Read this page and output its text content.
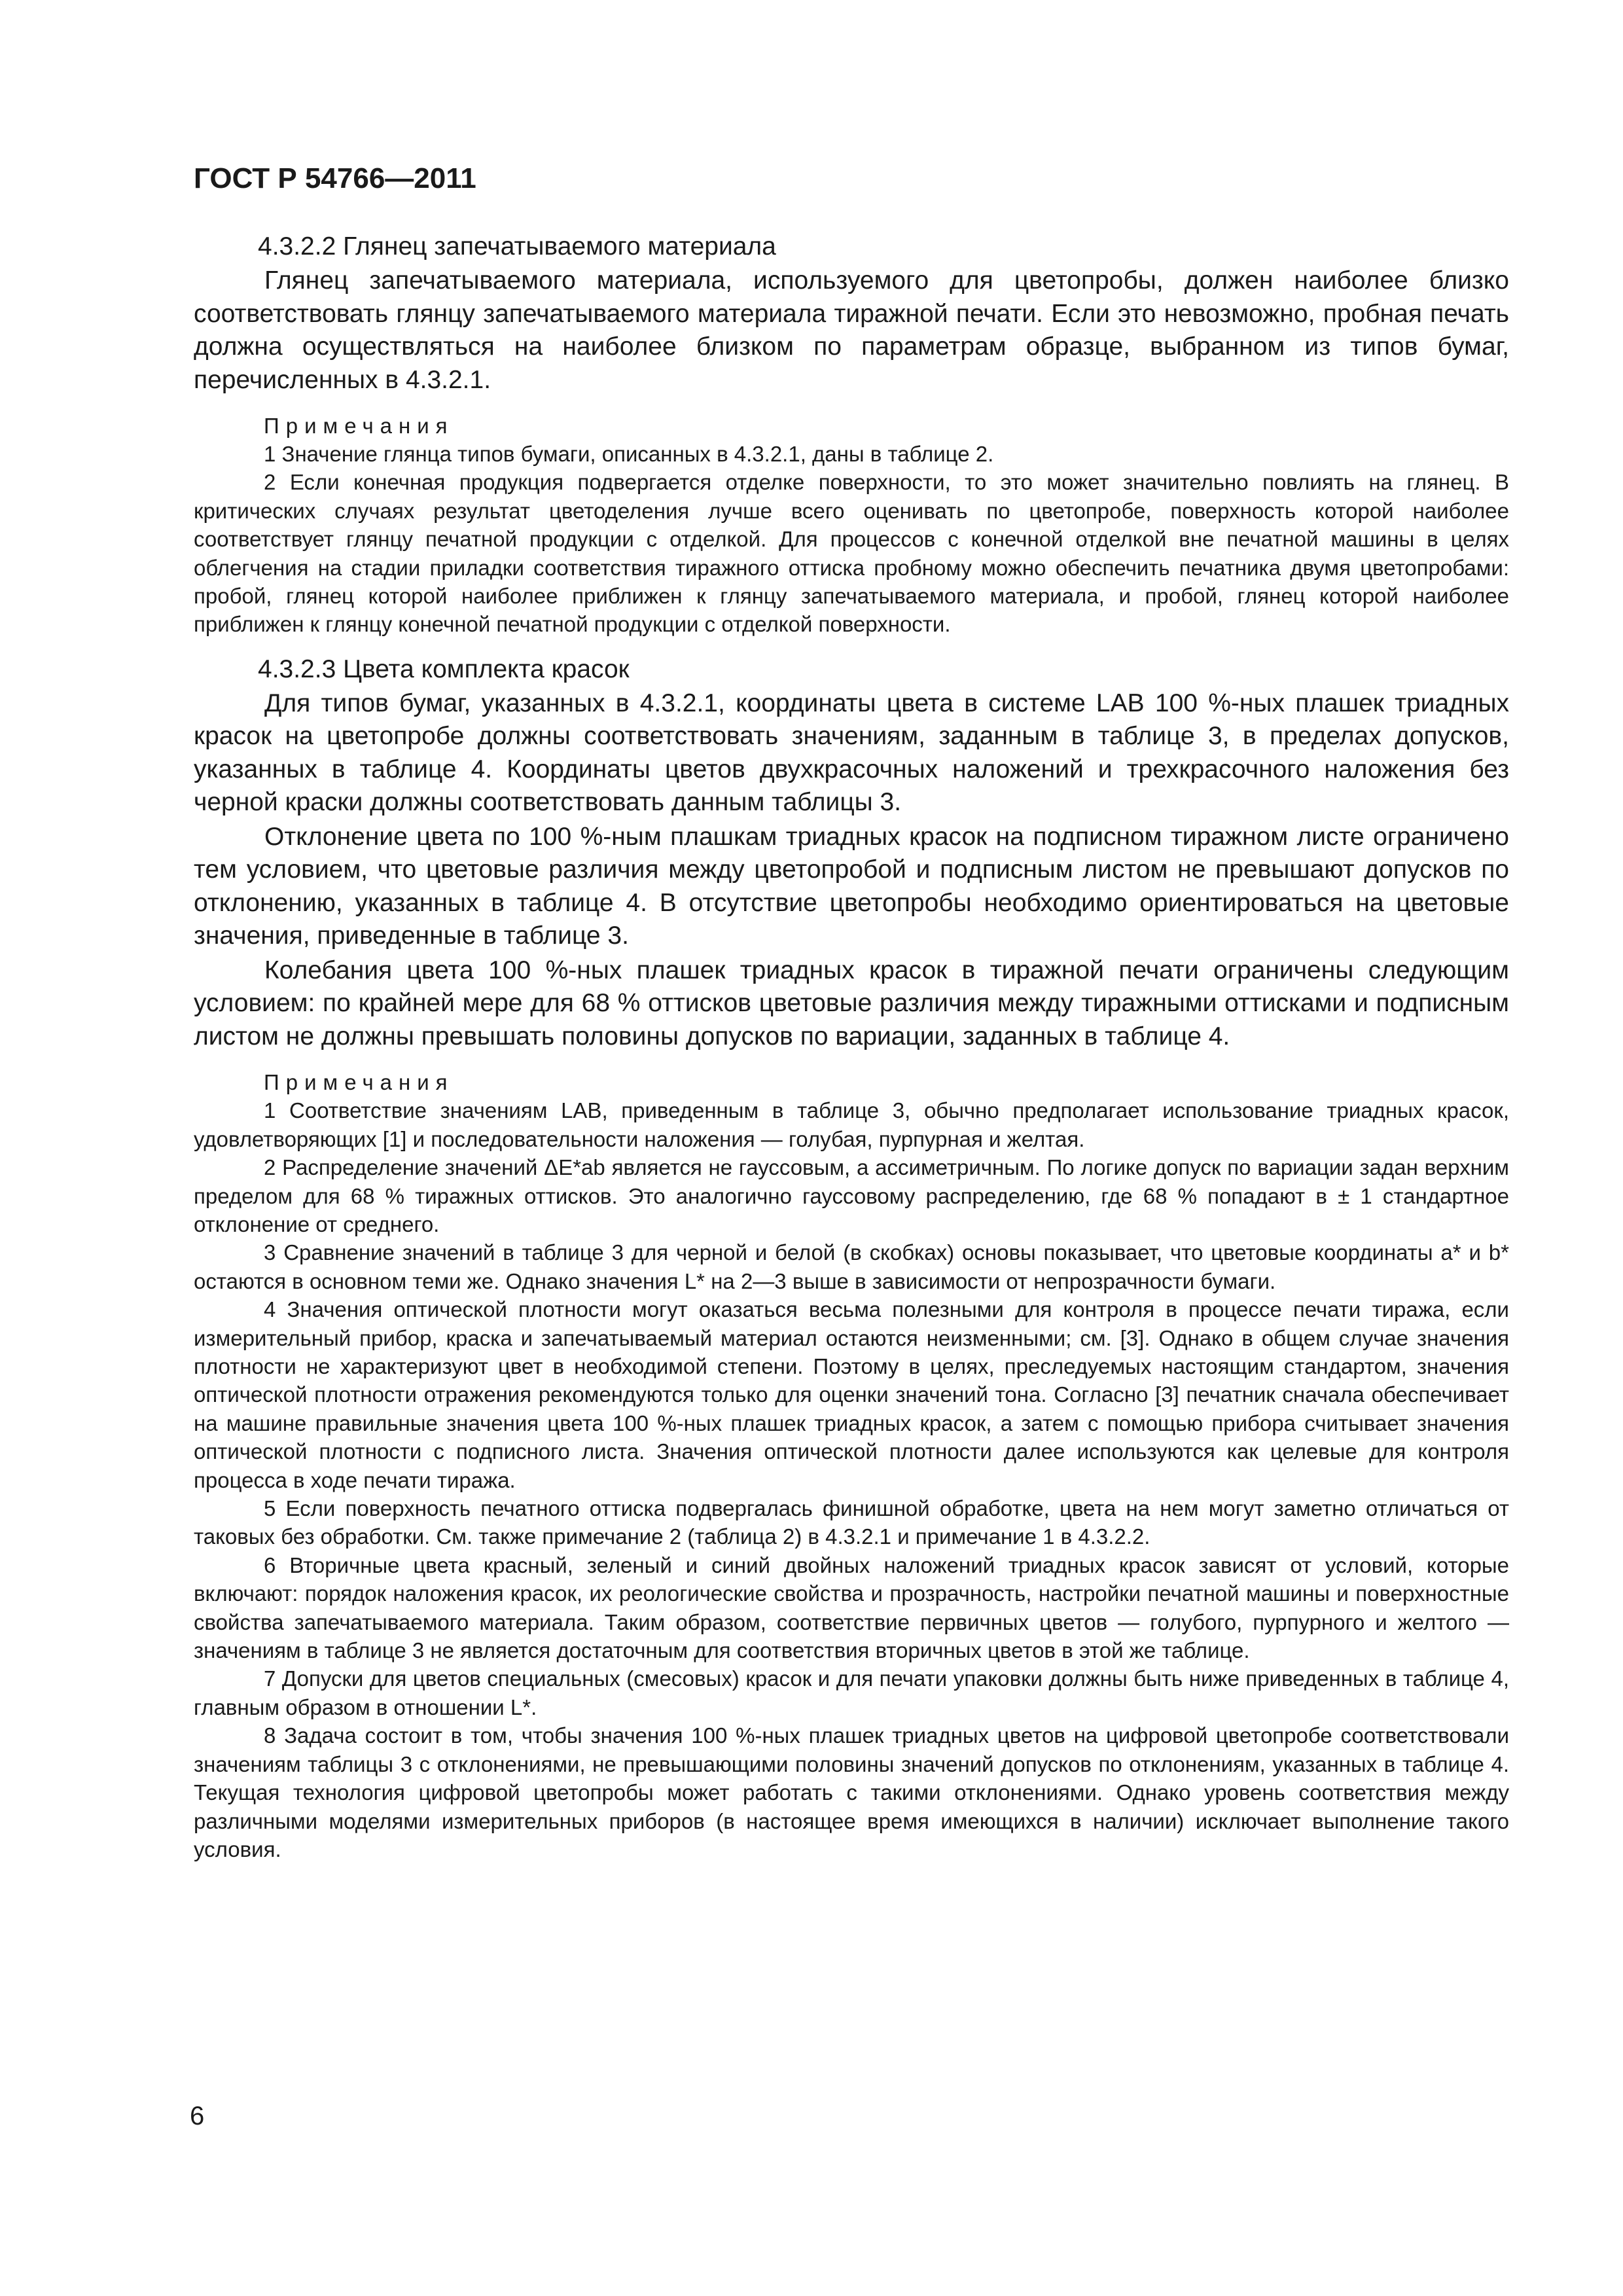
ГОСТ Р 54766—2011

4.3.2.2 Глянец запечатываемого материала

Глянец запечатываемого материала, используемого для цветопробы, должен наиболее близко соответствовать глянцу запечатываемого материала тиражной печати. Если это невозможно, пробная печать должна осуществляться на наиболее близком по параметрам образце, выбранном из типов бумаг, перечисленных в 4.3.2.1.

Примечания

1 Значение глянца типов бумаги, описанных в 4.3.2.1, даны в таблице 2.

2 Если конечная продукция подвергается отделке поверхности, то это может значительно повлиять на глянец. В критических случаях результат цветоделения лучше всего оценивать по цветопробе, поверхность которой наиболее соответствует глянцу печатной продукции с отделкой. Для процессов с конечной отделкой вне печатной машины в целях облегчения на стадии приладки соответствия тиражного оттиска пробному можно обеспечить печатника двумя цветопробами: пробой, глянец которой наиболее приближен к глянцу запечатываемого материала, и пробой, глянец которой наиболее приближен к глянцу конечной печатной продукции с отделкой поверхности.

4.3.2.3 Цвета комплекта красок

Для типов бумаг, указанных в 4.3.2.1, координаты цвета в системе LAB 100 %-ных плашек триадных красок на цветопробе должны соответствовать значениям, заданным в таблице 3, в пределах допусков, указанных в таблице 4. Координаты цветов двухкрасочных наложений и трехкрасочного наложения без черной краски должны соответствовать данным таблицы 3.

Отклонение цвета по 100 %-ным плашкам триадных красок на подписном тиражном листе ограничено тем условием, что цветовые различия между цветопробой и подписным листом не превышают допусков по отклонению, указанных в таблице 4. В отсутствие цветопробы необходимо ориентироваться на цветовые значения, приведенные в таблице 3.

Колебания цвета 100 %-ных плашек триадных красок в тиражной печати ограничены следующим условием: по крайней мере для 68 % оттисков цветовые различия между тиражными оттисками и подписным листом не должны превышать половины допусков по вариации, заданных в таблице 4.

Примечания

1 Соответствие значениям LAB, приведенным в таблице 3, обычно предполагает использование триадных красок, удовлетворяющих [1] и последовательности наложения — голубая, пурпурная и желтая.

2 Распределение значений ΔE*ab является не гауссовым, а ассиметричным. По логике допуск по вариации задан верхним пределом для 68 % тиражных оттисков. Это аналогично гауссовому распределению, где 68 % попадают в ± 1 стандартное отклонение от среднего.

3 Сравнение значений в таблице 3 для черной и белой (в скобках) основы показывает, что цветовые координаты a* и b* остаются в основном теми же. Однако значения L* на 2—3 выше в зависимости от непрозрачности бумаги.

4 Значения оптической плотности могут оказаться весьма полезными для контроля в процессе печати тиража, если измерительный прибор, краска и запечатываемый материал остаются неизменными; см. [3]. Однако в общем случае значения плотности не характеризуют цвет в необходимой степени. Поэтому в целях, преследуемых настоящим стандартом, значения оптической плотности отражения рекомендуются только для оценки значений тона. Согласно [3] печатник сначала обеспечивает на машине правильные значения цвета 100 %-ных плашек триадных красок, а затем с помощью прибора считывает значения оптической плотности с подписного листа. Значения оптической плотности далее используются как целевые для контроля процесса в ходе печати тиража.

5 Если поверхность печатного оттиска подвергалась финишной обработке, цвета на нем могут заметно отличаться от таковых без обработки. См. также примечание 2 (таблица 2) в 4.3.2.1 и примечание 1 в 4.3.2.2.

6 Вторичные цвета красный, зеленый и синий двойных наложений триадных красок зависят от условий, которые включают: порядок наложения красок, их реологические свойства и прозрачность, настройки печатной машины и поверхностные свойства запечатываемого материала. Таким образом, соответствие первичных цветов — голубого, пурпурного и желтого — значениям в таблице 3 не является достаточным для соответствия вторичных цветов в этой же таблице.

7 Допуски для цветов специальных (смесовых) красок и для печати упаковки должны быть ниже приведенных в таблице 4, главным образом в отношении L*.

8 Задача состоит в том, чтобы значения 100 %-ных плашек триадных цветов на цифровой цветопробе соответствовали значениям таблицы 3 с отклонениями, не превышающими половины значений допусков по отклонениям, указанных в таблице 4. Текущая технология цифровой цветопробы может работать с такими отклонениями. Однако уровень соответствия между различными моделями измерительных приборов (в настоящее время имеющихся в наличии) исключает выполнение такого условия.

6
